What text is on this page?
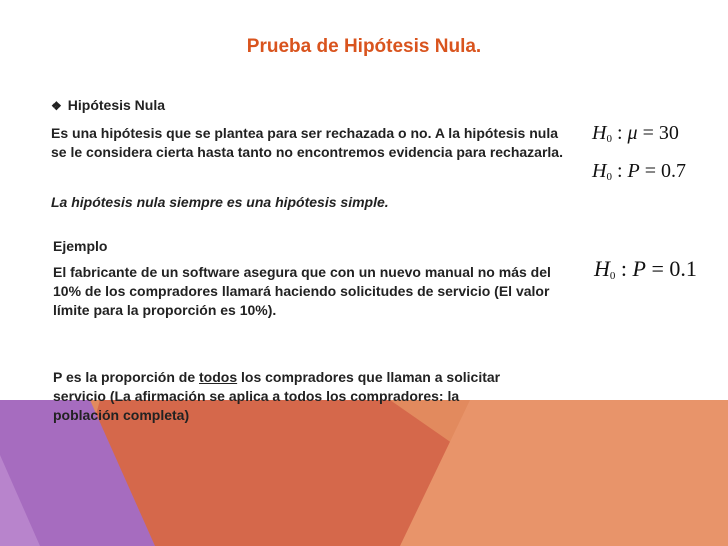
Prueba de Hipótesis Nula.
❖ Hipótesis Nula
Es una hipótesis que se plantea para ser rechazada o no. A la hipótesis nula se le considera cierta hasta tanto no encontremos evidencia para rechazarla.
La hipótesis nula siempre es una hipótesis simple.
Ejemplo
El fabricante de un software asegura que con un nuevo manual no más del 10% de los compradores llamará haciendo solicitudes de servicio (El valor límite para la proporción es 10%).
P es la proporción de todos los compradores que llaman a solicitar servicio (La afirmación se aplica a todos los compradores: la población completa)
$H_0$ : μ = 30
$H_0$ : P = 0.7
$H_0$ : P = 0.1
